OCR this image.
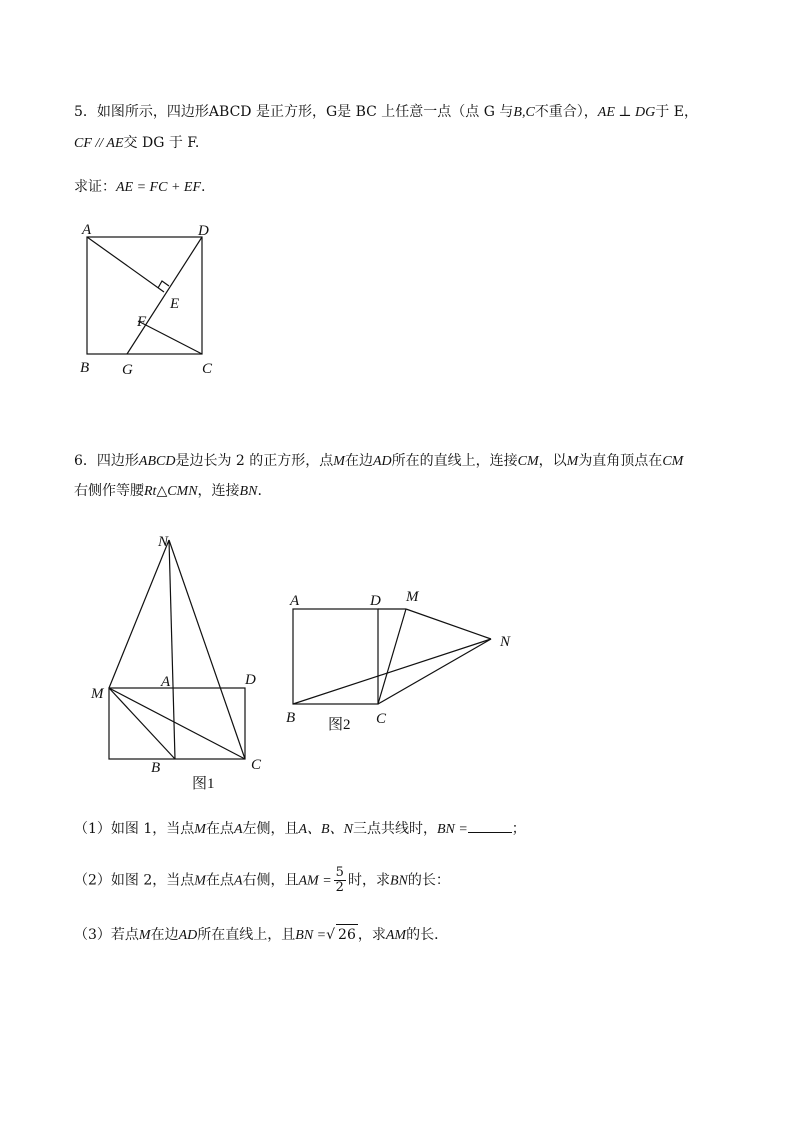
5．如图所示，四边形ABCD 是正方形，G是 BC 上任意一点（点 G 与B,C不重合），AE ⊥ DG于 E，
CF // AE交 DG 于 F.
求证：AE = FC + EF.
A	D
E
F
B G	C
6．四边形ABCD是边长为 2 的正方形，点M在边AD所在的直线上，连接CM，以M为直角顶点在CM
右侧作等腰Rt△CMN，连接BN.
N
M
A	D
B	C
图1
A	D M
N
B	C
图2
（1）如图 1，当点M在点A左侧，且A、B、N三点共线时，BN =	；
（2）如图 2，当点M在点A右侧，且AM = $\frac{5}{2}$ 时，求BN的长：
（3）若点M在边AD所在直线上，且BN =√ 26 ，求AM的长．
